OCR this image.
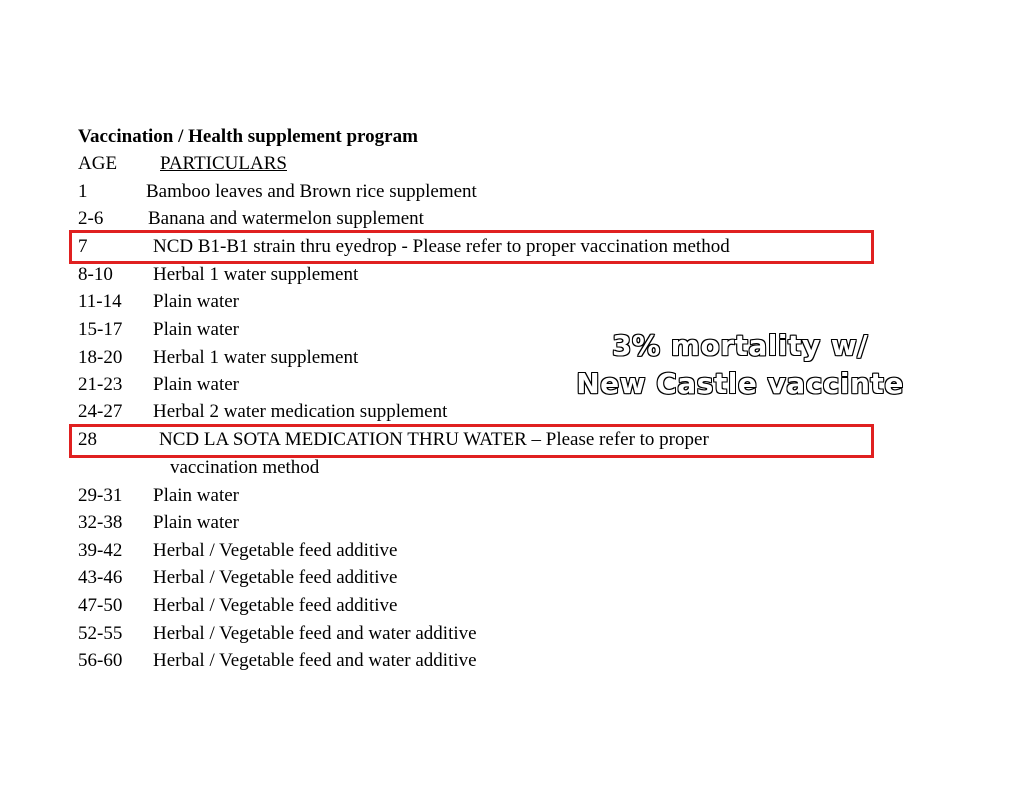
Vaccination / Health supplement program
AGE PARTICULARS
1	Bamboo leaves and Brown rice supplement
2-6 Banana and watermelon supplement
7	NCD B1-B1 strain thru eyedrop - Please refer to proper vaccination method
8-10 Herbal 1 water supplement
11-14 Plain water
15-17 Plain water
18-20 Herbal 1 water supplement
21-23 Plain water
24-27 Herbal 2 water medication supplement
28	NCD LA SOTA MEDICATION THRU WATER – Please refer to proper
vaccination method
29-31 Plain water
32-38 Plain water
39-42 Herbal / Vegetable feed additive
43-46 Herbal / Vegetable feed additive
47-50 Herbal / Vegetable feed additive
52-55 Herbal / Vegetable feed and water additive
56-60 Herbal / Vegetable feed and water additive
3% mortality w/
New Castle vaccinte
